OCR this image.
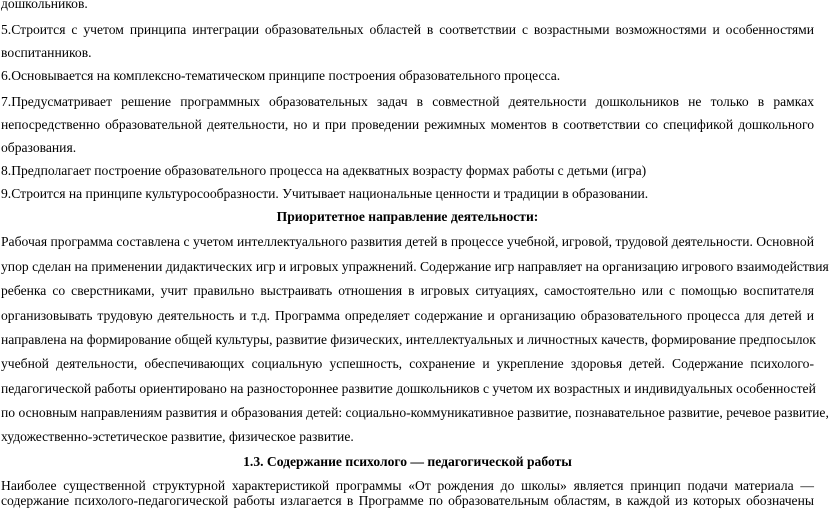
дошкольников.
5.Строится с учетом принципа интеграции образовательных областей в соответствии с возрастными возможностями и особенностями
воспитанников.
6.Основывается на комплексно-тематическом принципе построения образовательного процесса.
7.Предусматривает решение программных образовательных задач в совместной деятельности дошкольников не только в рамках
непосредственно образовательной деятельности, но и при проведении режимных моментов в соответствии со спецификой дошкольного
образования.
8.Предполагает построение образовательного процесса на адекватных возрасту формах работы с детьми (игра)
9.Строится на принципе культуросообразности. Учитывает национальные ценности и традиции в образовании.
Приоритетное направление деятельности:
Рабочая программа составлена с учетом интеллектуального развития детей в процессе учебной, игровой, трудовой деятельности. Основной
упор сделан на применении дидактических игр и игровых упражнений. Содержание игр направляет на организацию игрового взаимодействия
ребенка со сверстниками, учит правильно выстраивать отношения в игровых ситуациях, самостоятельно или с помощью воспитателя
организовывать трудовую деятельность и т.д. Программа определяет содержание и организацию образовательного процесса для детей и
направлена на формирование общей культуры, развитие физических, интеллектуальных и личностных качеств, формирование предпосылок
учебной деятельности, обеспечивающих социальную успешность, сохранение и укрепление здоровья детей. Содержание психолого-
педагогической работы ориентировано на разностороннее развитие дошкольников с учетом их возрастных и индивидуальных особенностей
по основным направлениям развития и образования детей: социально-коммуникативное развитие, познавательное развитие, речевое развитие,
художественно-эстетическое развитие, физическое развитие.
1.3. Содержание психолого — педагогической работы
Наиболее существенной структурной характеристикой программы «От рождения до школы» является принцип подачи материала —
содержание психолого-педагогической работы излагается в Программе по образовательным областям, в каждой из которых обозначены
